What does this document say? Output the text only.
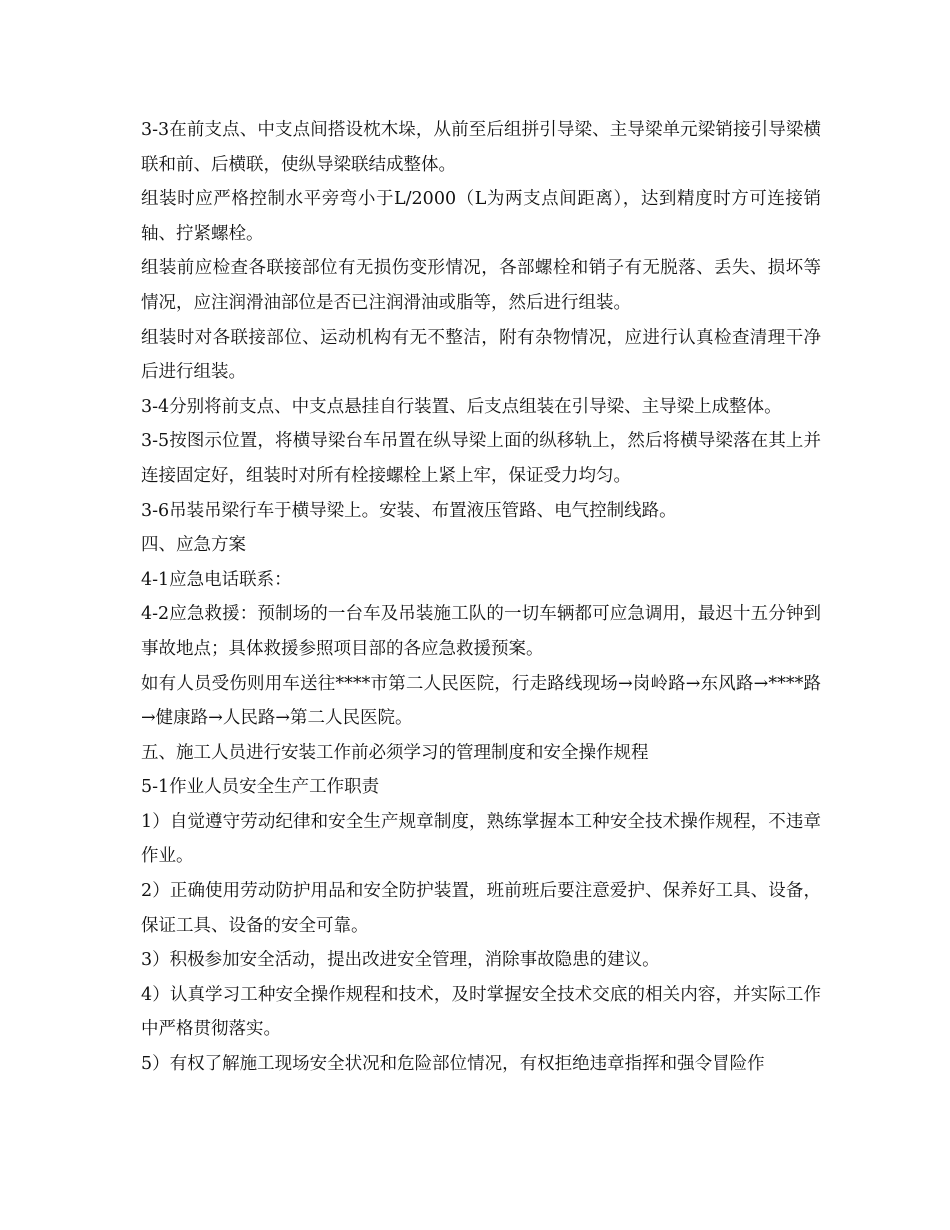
3-3在前支点、中支点间搭设枕木垛，从前至后组拼引导梁、主导梁单元梁销接引导梁横联和前、后横联，使纵导梁联结成整体。

组装时应严格控制水平旁弯小于L/2000（L为两支点间距离），达到精度时方可连接销轴、拧紧螺栓。

组装前应检查各联接部位有无损伤变形情况，各部螺栓和销子有无脱落、丢失、损坏等情况，应注润滑油部位是否已注润滑油或脂等，然后进行组装。

组装时对各联接部位、运动机构有无不整洁，附有杂物情况，应进行认真检查清理干净后进行组装。

3-4分别将前支点、中支点悬挂自行装置、后支点组装在引导梁、主导梁上成整体。

3-5按图示位置，将横导梁台车吊置在纵导梁上面的纵移轨上，然后将横导梁落在其上并连接固定好，组装时对所有栓接螺栓上紧上牢，保证受力均匀。

3-6吊装吊梁行车于横导梁上。安装、布置液压管路、电气控制线路。

四、应急方案

4-1应急电话联系：

4-2应急救援：预制场的一台车及吊装施工队的一切车辆都可应急调用，最迟十五分钟到事故地点；具体救援参照项目部的各应急救援预案。

如有人员受伤则用车送往****市第二人民医院，行走路线现场→岗岭路→东风路→****路→健康路→人民路→第二人民医院。

五、施工人员进行安装工作前必须学习的管理制度和安全操作规程

5-1作业人员安全生产工作职责

1）自觉遵守劳动纪律和安全生产规章制度，熟练掌握本工种安全技术操作规程，不违章作业。

2）正确使用劳动防护用品和安全防护装置，班前班后要注意爱护、保养好工具、设备，保证工具、设备的安全可靠。

3）积极参加安全活动，提出改进安全管理，消除事故隐患的建议。

4）认真学习工种安全操作规程和技术，及时掌握安全技术交底的相关内容，并实际工作中严格贯彻落实。

5）有权了解施工现场安全状况和危险部位情况，有权拒绝违章指挥和强令冒险作
